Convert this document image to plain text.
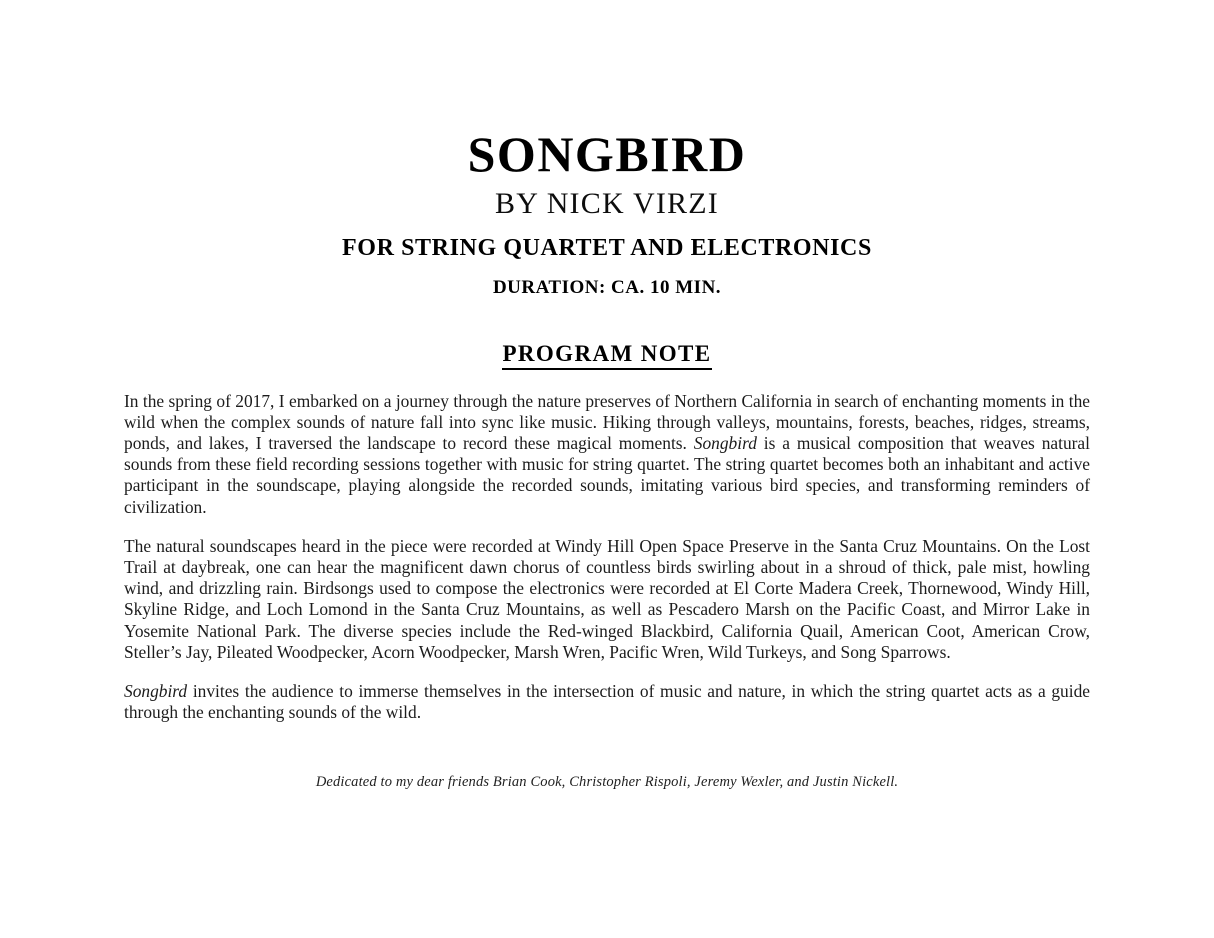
SONGBIRD
BY NICK VIRZI
FOR STRING QUARTET AND ELECTRONICS
DURATION: CA. 10 MIN.
PROGRAM NOTE

In the spring of 2017, I embarked on a journey through the nature preserves of Northern California in search of enchanting moments in the wild when the complex sounds of nature fall into sync like music. Hiking through valleys, mountains, forests, beaches, ridges, streams, ponds, and lakes, I traversed the landscape to record these magical moments. Songbird is a musical composition that weaves natural sounds from these field recording sessions together with music for string quartet. The string quartet becomes both an inhabitant and active participant in the soundscape, playing alongside the recorded sounds, imitating various bird species, and transforming reminders of civilization.

The natural soundscapes heard in the piece were recorded at Windy Hill Open Space Preserve in the Santa Cruz Mountains. On the Lost Trail at daybreak, one can hear the magnificent dawn chorus of countless birds swirling about in a shroud of thick, pale mist, howling wind, and drizzling rain. Birdsongs used to compose the electronics were recorded at El Corte Madera Creek, Thornewood, Windy Hill, Skyline Ridge, and Loch Lomond in the Santa Cruz Mountains, as well as Pescadero Marsh on the Pacific Coast, and Mirror Lake in Yosemite National Park. The diverse species include the Red-winged Blackbird, California Quail, American Coot, American Crow, Steller’s Jay, Pileated Woodpecker, Acorn Woodpecker, Marsh Wren, Pacific Wren, Wild Turkeys, and Song Sparrows.

Songbird invites the audience to immerse themselves in the intersection of music and nature, in which the string quartet acts as a guide through the enchanting sounds of the wild.

Dedicated to my dear friends Brian Cook, Christopher Rispoli, Jeremy Wexler, and Justin Nickell.
